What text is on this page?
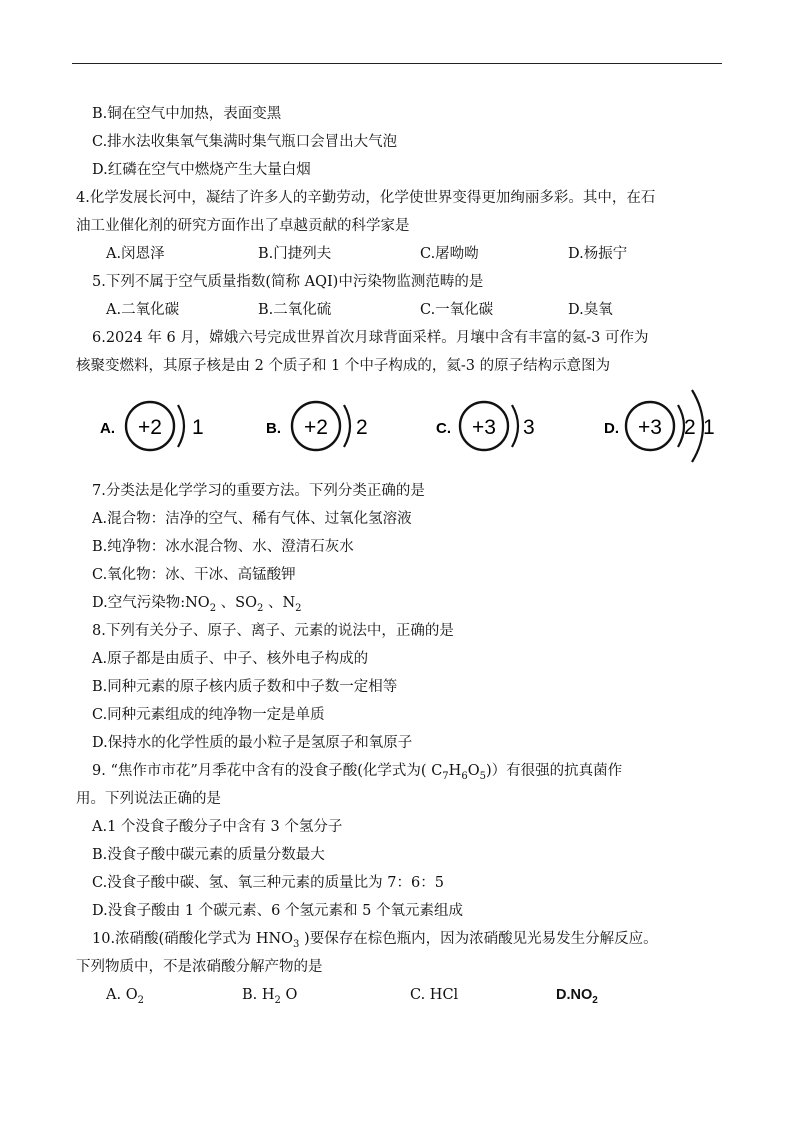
B.铜在空气中加热，表面变黑
C.排水法收集氧气集满时集气瓶口会冒出大气泡
D.红磷在空气中燃烧产生大量白烟
4.化学发展长河中，凝结了许多人的辛勤劳动，化学使世界变得更加绚丽多彩。其中，在石
油工业催化剂的研究方面作出了卓越贡献的科学家是
A.闵恩泽	B.门捷列夫	C.屠呦呦	D.杨振宁
5.下列不属于空气质量指数(简称 AQI)中污染物监测范畴的是
A.二氧化碳	B.二氧化硫	C.一氧化碳	D.臭氧
6.2024 年 6 月，嫦娥六号完成世界首次月球背面采样。月壤中含有丰富的氦-3 可作为
核聚变燃料，其原子核是由 2 个质子和 1 个中子构成的，氦-3 的原子结构示意图为
A. +2 1	B. +2 2	C. +3 3	D. +3 2 1
7.分类法是化学学习的重要方法。下列分类正确的是
A.混合物：洁净的空气、稀有气体、过氧化氢溶液
B.纯净物：冰水混合物、水、澄清石灰水
C.氧化物：冰、干冰、高锰酸钾
D.空气污染物$:NO_2$ 、$SO_2$ 、$N_2$
8.下列有关分子、原子、离子、元素的说法中，正确的是
A.原子都是由质子、中子、核外电子构成的
B.同种元素的原子核内质子数和中子数一定相等
C.同种元素组成的纯净物一定是单质
D.保持水的化学性质的最小粒子是氢原子和氧原子
9. “焦作市市花”月季花中含有的没食子酸(化学式为( $C_7H_6O_5$)）有很强的抗真菌作
用。下列说法正确的是
A.1 个没食子酸分子中含有 3 个氢分子
B.没食子酸中碳元素的质量分数最大
C.没食子酸中碳、氢、氧三种元素的质量比为 7：6：5
D.没食子酸由 1 个碳元素、6 个氢元素和 5 个氧元素组成
10.浓硝酸(硝酸化学式为 $HNO_3$ )要保存在棕色瓶内，因为浓硝酸见光易发生分解反应。
下列物质中，不是浓硝酸分解产物的是
A. $O_2$	B. $H_2$ O	C. HCl	$D.NO_2$
